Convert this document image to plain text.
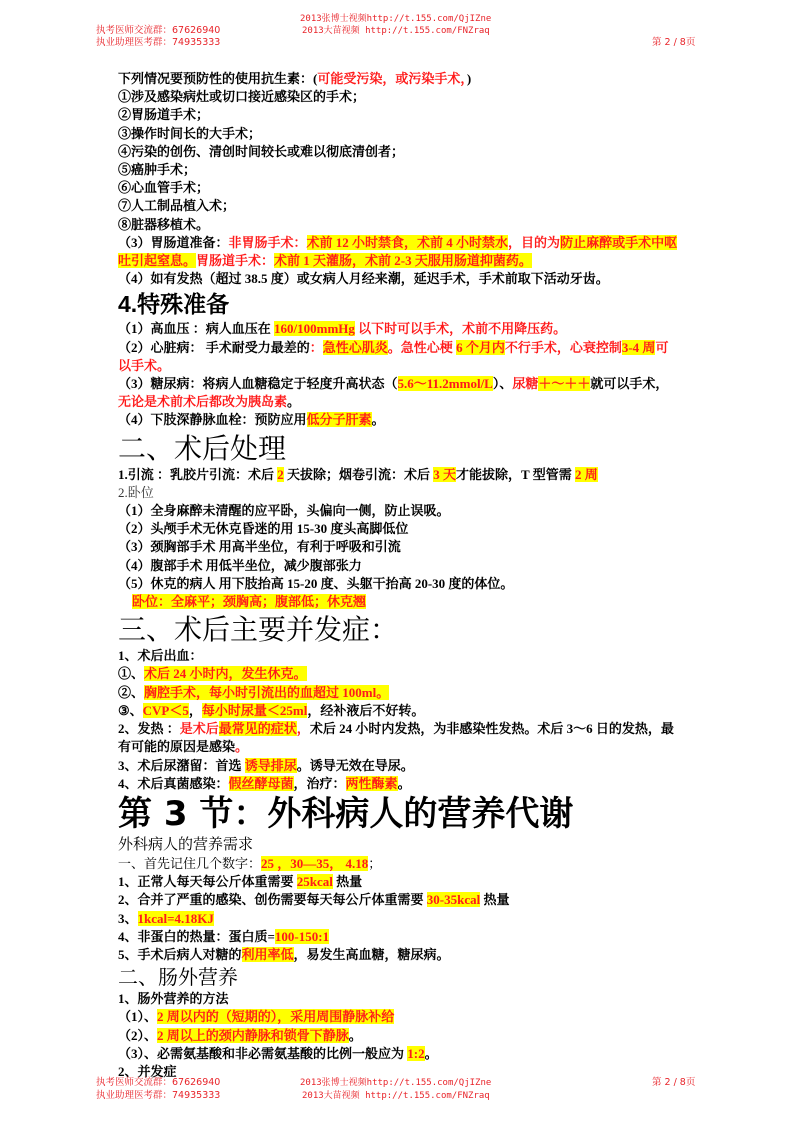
执考医师交流群：67626940
执业助理医考群：74935333
2013张博士视频http://t.155.com/QjIZne
2013大苗视频 http://t.155.com/FNZraq
第 2 / 8页
下列情况要预防性的使用抗生素：(可能受污染，或污染手术，)
①涉及感染病灶或切口接近感染区的手术；
②胃肠道手术；
③操作时间长的大手术；
④污染的创伤、清创时间较长或难以彻底清创者；
⑤癌肿手术；
⑥心血管手术；
⑦人工制品植入术；
⑧脏器移植术。
（3）胃肠道准备：非胃肠手术：术前 12 小时禁食，术前 4 小时禁水，目的为防止麻醉或手术中呕吐引起窒息。胃肠道手术：术前 1 天灌肠，术前 2-3 天服用肠道抑菌药。
（4）如有发热（超过 38.5 度）或女病人月经来潮，延迟手术，手术前取下活动牙齿。
4.特殊准备
（1）高血压 ：病人血压在 160/100mmHg 以下时可以手术，术前不用降压药。
（2）心脏病： 手术耐受力最差的：急性心肌炎。急性心梗 6 个月内不行手术，心衰控制3-4 周可以手术。
（3）糖尿病：将病人血糖稳定于轻度升高状态（5.6～11.2mmol/L）、尿糖＋～＋＋就可以手术，无论是术前术后都改为胰岛素。
（4）下肢深静脉血栓：预防应用低分子肝素。
二、术后处理
1.引流 ：乳胶片引流：术后 2 天拔除；烟卷引流：术后 3 天才能拔除，T 型管需 2 周
2.卧位
（1）全身麻醉未清醒的应平卧，头偏向一侧，防止误吸。
（2）头颅手术无休克昏迷的用 15-30 度头高脚低位
（3）颈胸部手术 用高半坐位，有利于呼吸和引流
（4）腹部手术 用低半坐位，减少腹部张力
（5）休克的病人 用下肢抬高 15-20 度、头躯干抬高 20-30 度的体位。
卧位：全麻平；颈胸高；腹部低；休克翘
三、术后主要并发症：
1、术后出血：
①、术后 24 小时内，发生休克。
②、胸腔手术，每小时引流出的血超过 100ml。
③、CVP＜5，每小时尿量＜25ml，经补液后不好转。
2、发热 ：是术后最常见的症状，术后 24 小时内发热，为非感染性发热。术后 3～6 日的发热，最有可能的原因是感染。
3、术后尿潴留：首选 诱导排尿。诱导无效在导尿。
4、术后真菌感染：假丝酵母菌，治疗：两性酶素。
第 3 节：外科病人的营养代谢
外科病人的营养需求
一、首先记住几个数字：25 ，30—35， 4.18；
1、正常人每天每公斤体重需要 25kcal 热量
2、合并了严重的感染、创伤需要每天每公斤体重需要 30-35kcal 热量
3、1kcal=4.18KJ
4、非蛋白的热量：蛋白质=100-150:1
5、手术后病人对糖的利用率低，易发生高血糖，糖尿病。
二、肠外营养
1、肠外营养的方法
（1）、2 周以内的（短期的），采用周围静脉补给
（2）、2 周以上的颈内静脉和锁骨下静脉。
（3）、必需氨基酸和非必需氨基酸的比例一般应为 1:2。
2、并发症
执考医师交流群：67626940
执业助理医考群：74935333
2013张博士视频http://t.155.com/QjIZne
2013大苗视频 http://t.155.com/FNZraq
第 2 / 8页
